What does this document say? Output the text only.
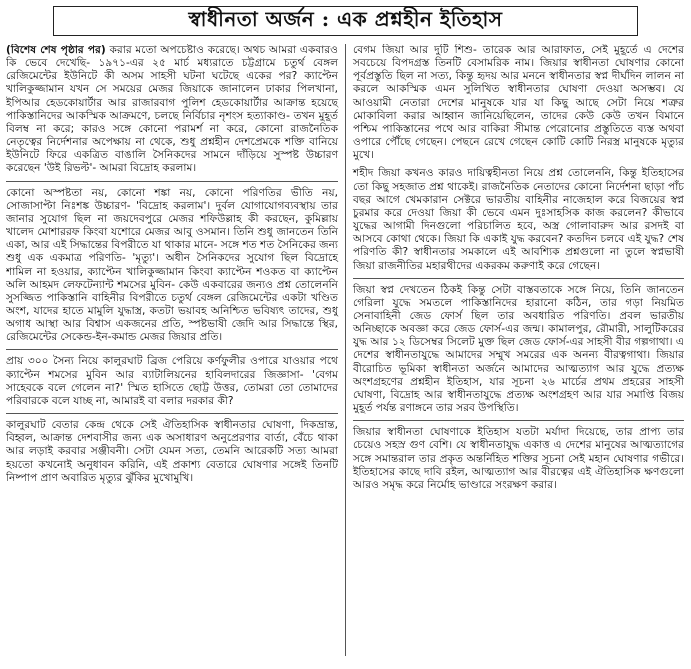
স্বাধীনতা অর্জন : এক প্রশ্নহীন ইতিহাস

(বিশেষ শেষ পৃষ্ঠার পর) করার মতো অপচেষ্টাও করেছে। অথচ আমরা একবারও কি ভেবে দেখেছি- ১৯৭১-এর ২৫ মার্চ মধ্যরাতে চট্টগ্রামে চতুর্থ বেঙ্গল রেজিমেন্টের ইউনিটে কী অসম সাহসী ঘটনা ঘটেছে একের পর? ক্যাপ্টেন খালিকুজ্জামান যখন সে সময়ের মেজর জিয়াকে জানালেন ঢাকার পিলখানা, ইপিআর হেডকোয়ার্টার আর রাজারবাগ পুলিশ হেডকোয়ার্টার আক্রান্ত হয়েছে পাকিস্তানিদের আকস্মিক আক্রমণে, চলছে নির্বিচার নৃশংস হত্যাকাণ্ড- তখন মুহূর্ত বিলম্ব না করে; কারও সঙ্গে কোনো পরামর্শ না করে, কোনো রাজনৈতিক নেতৃত্বের নির্দেশনার অপেক্ষায় না থেকে, শুধু প্রশ্নহীন দেশপ্রেমকে শক্তি বানিয়ে ইউনিটে ফিরে একত্রিত বাঙালি সৈনিকদের সামনে দাঁড়িয়ে সুস্পষ্ট উচ্চারণ করেছেন 'উই রিভল্ট'- আমরা বিদ্রোহ করলাম।

কোনো অস্পষ্টতা নয়, কোনো শঙ্কা নয়, কোনো পরিণতির ভীতি নয়, সোজাসাপ্টা নিঃশঙ্ক উচ্চারণ- 'বিদ্রোহ করলাম'। দুর্বল যোগাযোগব্যবস্থায় তার জানার সুযোগ ছিল না জয়দেবপুরে মেজর শফিউল্লাহ কী করছেন, কুমিল্লায় খালেদ মোশাররফ কিংবা যশোরে মেজর আবু ওসমান। তিনি শুধু জানতেন তিনি একা, আর এই সিদ্ধান্তের বিপরীতে যা থাকার মানে- সঙ্গে শত শত সৈনিকের জন্য শুধু এক একমাত্র পরিণতি- 'মৃত্যু'। অধীন সৈনিকদের সুযোগ ছিল বিদ্রোহে শামিল না হওয়ার, ক্যাপ্টেন খালিকুজ্জামান কিংবা ক্যাপ্টেন শওকত বা ক্যাপ্টেন অলি আহমদ লেফটেন্যান্ট শমসের মুবিন- কেউ একবারের জন্যও প্রশ্ন তোলেননি সুসজ্জিত পাকিস্তানি বাহিনীর বিপরীতে চতুর্থ বেঙ্গল রেজিমেন্টের একটা খণ্ডিত অংশ, যাদের হাতে মামুলি যুদ্ধাস্ত্র, কতটা ভয়াবহ অনিশ্চিত ভবিষ্যৎ তাদের, শুধু অগাধ আস্থা আর বিশ্বাস একজনের প্রতি, স্পষ্টভাষী জেদি আর সিদ্ধান্তে স্থির, রেজিমেন্টের সেকেন্ড-ইন-কমান্ড মেজর জিয়ার প্রতি।

প্রায় ৩০০ সৈন্য নিয়ে কালুরঘাট ব্রিজ পেরিয়ে কর্ণফুলীর ওপারে যাওয়ার পথে ক্যাপ্টেন শমসের মুবিন আর ব্যাটালিয়নের হাবিলদারের জিজ্ঞাসা- 'বেগম সাহেবকে বলে গেলেন না?' স্মিত হাসিতে ছোট্ট উত্তর, তোমরা তো তোমাদের পরিবারকে বলে যাচ্ছ না, আমারই বা বলার দরকার কী?

কালুরঘাট বেতার কেন্দ্র থেকে সেই ঐতিহাসিক স্বাধীনতার ঘোষণা, দিকভ্রান্ত, বিহ্বল, আক্রান্ত দেশবাসীর জন্য এক অসাধারণ অনুপ্রেরণার বার্তা, বেঁচে থাকা আর লড়াই করবার সঞ্জীবনী। সেটা যেমন সত্য, তেমনি আরেকটি সত্য আমরা হয়তো কখনোই অনুধাবন করিনি, এই প্রকাশ্য বেতারে ঘোষণার সঙ্গেই তিনটি নিষ্পাপ প্রাণ অবারিত মৃত্যুর ঝুঁকির মুখোমুখি।

বেগম জিয়া আর দুটি শিশু- তারেক আর আরাফাত, সেই মুহূর্তে এ দেশের সবচেয়ে বিপদগ্রস্ত তিনটি বেসামরিক নাম। জিয়ার স্বাধীনতা ঘোষণার কোনো পূর্বপ্রস্তুতি ছিল না সত্য, কিন্তু হৃদয় আর মননে স্বাধীনতার স্বপ্ন দীর্ঘদিন লালন না করলে আকস্মিক এমন সুলিখিত স্বাধীনতার ঘোষণা দেওয়া অসম্ভব। যে আওয়ামী নেতারা দেশের মানুষকে যার যা কিছু আছে সেটা নিয়ে শত্রুর মোকাবিলা করার আহ্বান জানিয়েছিলেন, তাদের কেউ কেউ তখন বিমানে পশ্চিম পাকিস্তানের পথে আর বাকিরা সীমান্ত পেরোনোর প্রস্তুতিতে ব্যস্ত অথবা ওপারে পৌঁছে গেছেন। পেছনে রেখে গেছেন কোটি কোটি নিরস্ত্র মানুষকে মৃত্যুর মুখে।

শহীদ জিয়া কখনও কারও দায়িত্বহীনতা নিয়ে প্রশ্ন তোলেননি, কিন্তু ইতিহাসের তো কিছু সহজাত প্রশ্ন থাকেই। রাজনৈতিক নেতাদের কোনো নির্দেশনা ছাড়া পাঁচ বছর আগে খেমকারান সেক্টরে ভারতীয় বাহিনীর নাজেহাল করে বিজয়ের স্বপ্ন চুরমার করে দেওয়া জিয়া কী ভেবে এমন দুঃসাহসিক কাজ করলেন? কীভাবে যুদ্ধের আগামী দিনগুলো পরিচালিত হবে, অস্ত্র গোলাবারুদ আর রসদই বা আসবে কোথা থেকে। জিয়া কি একাই যুদ্ধ করবেন? কতদিন চলবে এই যুদ্ধ? শেষ পরিণতি কী? স্বাধীনতার সমকালে এই আবশ্যিক প্রশ্নগুলো না তুলে স্বপ্নভাষী জিয়া রাজনীতির মহারথীদের একরকম করুণাই করে গেছেন।

জিয়া স্বপ্ন দেখতেন ঠিকই কিন্তু সেটা বাস্তবতাকে সঙ্গে নিয়ে, তিনি জানতেন গেরিলা যুদ্ধে সমতলে পাকিস্তানিদের হারানো কঠিন, তার গড়া নিয়মিত সেনাবাহিনী জেড ফোর্স ছিল তার অবধারিত পরিণতি। প্রবল ভারতীয় অনিচ্ছাকে অবজ্ঞা করে জেড ফোর্স-এর জন্ম। কামালপুর, রৌমারী, সালুটিকরের যুদ্ধ আর ১২ ডিসেম্বর সিলেট মুক্ত ছিল জেড ফোর্স-এর সাহসী বীর গল্পগাথা। এ দেশের স্বাধীনতাযুদ্ধে আমাদের সম্মুখ সমরের এক অনন্য বীরত্বগাথা। জিয়ার বীরোচিত ভূমিকা স্বাধীনতা অর্জনে আমাদের আত্মত্যাগ আর যুদ্ধে প্রত্যক্ষ অংশগ্রহণের প্রশ্নহীন ইতিহাস, যার সূচনা ২৬ মার্চের প্রথম প্রহরের সাহসী ঘোষণা, বিদ্রোহ আর স্বাধীনতাযুদ্ধে প্রত্যক্ষ অংশগ্রহণ আর যার সমাপ্তি বিজয় মুহূর্ত পর্যন্ত রণাঙ্গনে তার সরব উপস্থিতি।

জিয়ার স্বাধীনতা ঘোষণাকে ইতিহাস যতটা মর্যাদা দিয়েছে, তার প্রাপ্য তার চেয়েও সহস্র গুণ বেশি। যে স্বাধীনতাযুদ্ধ একাত্ত এ দেশের মানুষের আত্মত্যাগের সঙ্গে সমান্তরাল তার প্রকৃত অন্তর্নিহিত শক্তির সূচনা সেই মহান ঘোষণার গভীরে। ইতিহাসের কাছে দাবি রইল, আত্মত্যাগ আর বীরত্বের এই ঐতিহাসিক ক্ষণগুলো আরও সমৃদ্ধ করে নির্মোহ ভাণ্ডারে সংরক্ষণ করার।
